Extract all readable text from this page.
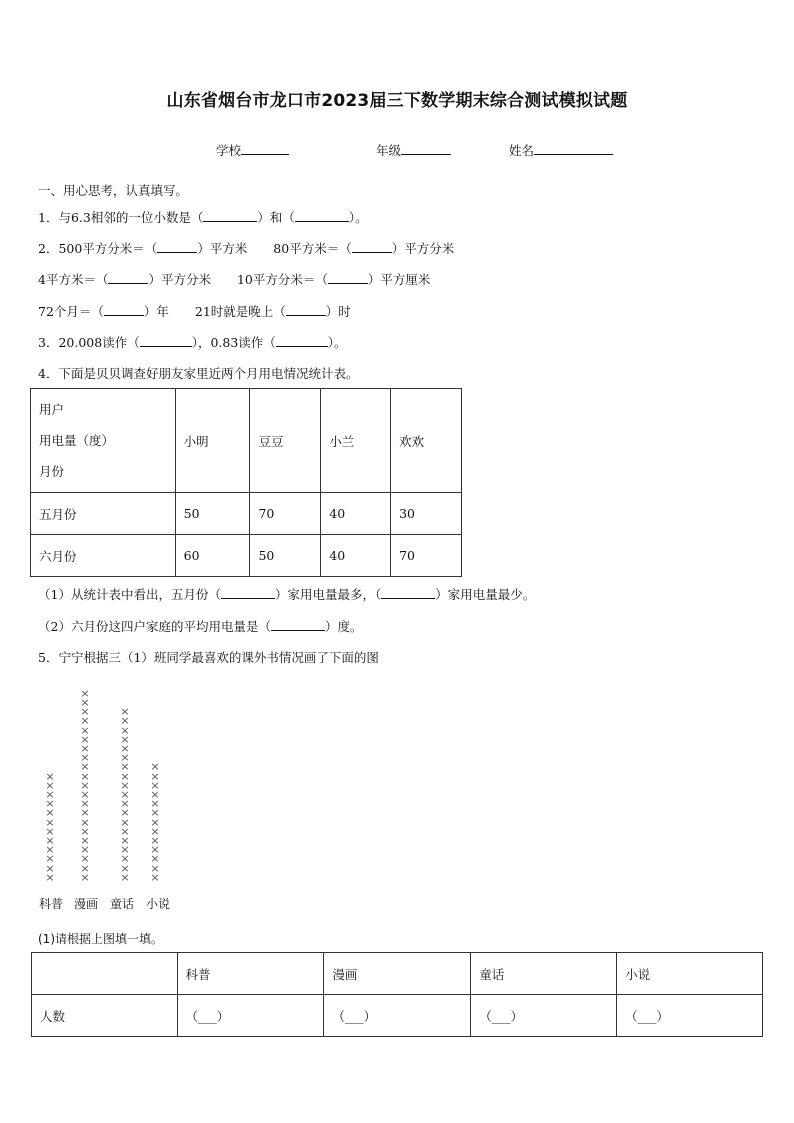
山东省烟台市龙口市2023届三下数学期末综合测试模拟试题
学校	年级	姓名
一、用心思考，认真填写。
1．与6.3相邻的一位小数是（	）和（	）。
2．500平方分米＝（	）平方米 80平方米＝（	）平方分米
4平方米＝（	）平方分米 10平方分米＝（	）平方厘米
72个月＝（	）年 21时就是晚上（	）时
3．20.008读作（	），0.83读作（	）。
4．下面是贝贝调查好朋友家里近两个月用电情况统计表。
用户
用电量（度）
月份	小明	豆豆	小兰	欢欢
五月份	50	70	40	30
六月份	60	50	40	70
（1）从统计表中看出，五月份（	）家用电量最多，（	）家用电量最少。
（2）六月份这四户家庭的平均用电量是（	）度。
5．宁宁根据三（1）班同学最喜欢的课外书情况画了下面的图
×
×
×
×
×
×
×
×
×
×
×
×
×
×
×
×
×
×
×
×
×
×
×
×
×
×
×
×
×
×
×
×
×
×
×
×
×
×
×
×
×
×
×
×
×
×
×
×
×
×
×
×
×
×
×
×
×
×
×
×
×
×
×
×
×
科普 漫画 童话 小说
(1)请根据上图填一填。
	科普	漫画	童话	小说
人数	（___）	（___）	（___）	（___）
